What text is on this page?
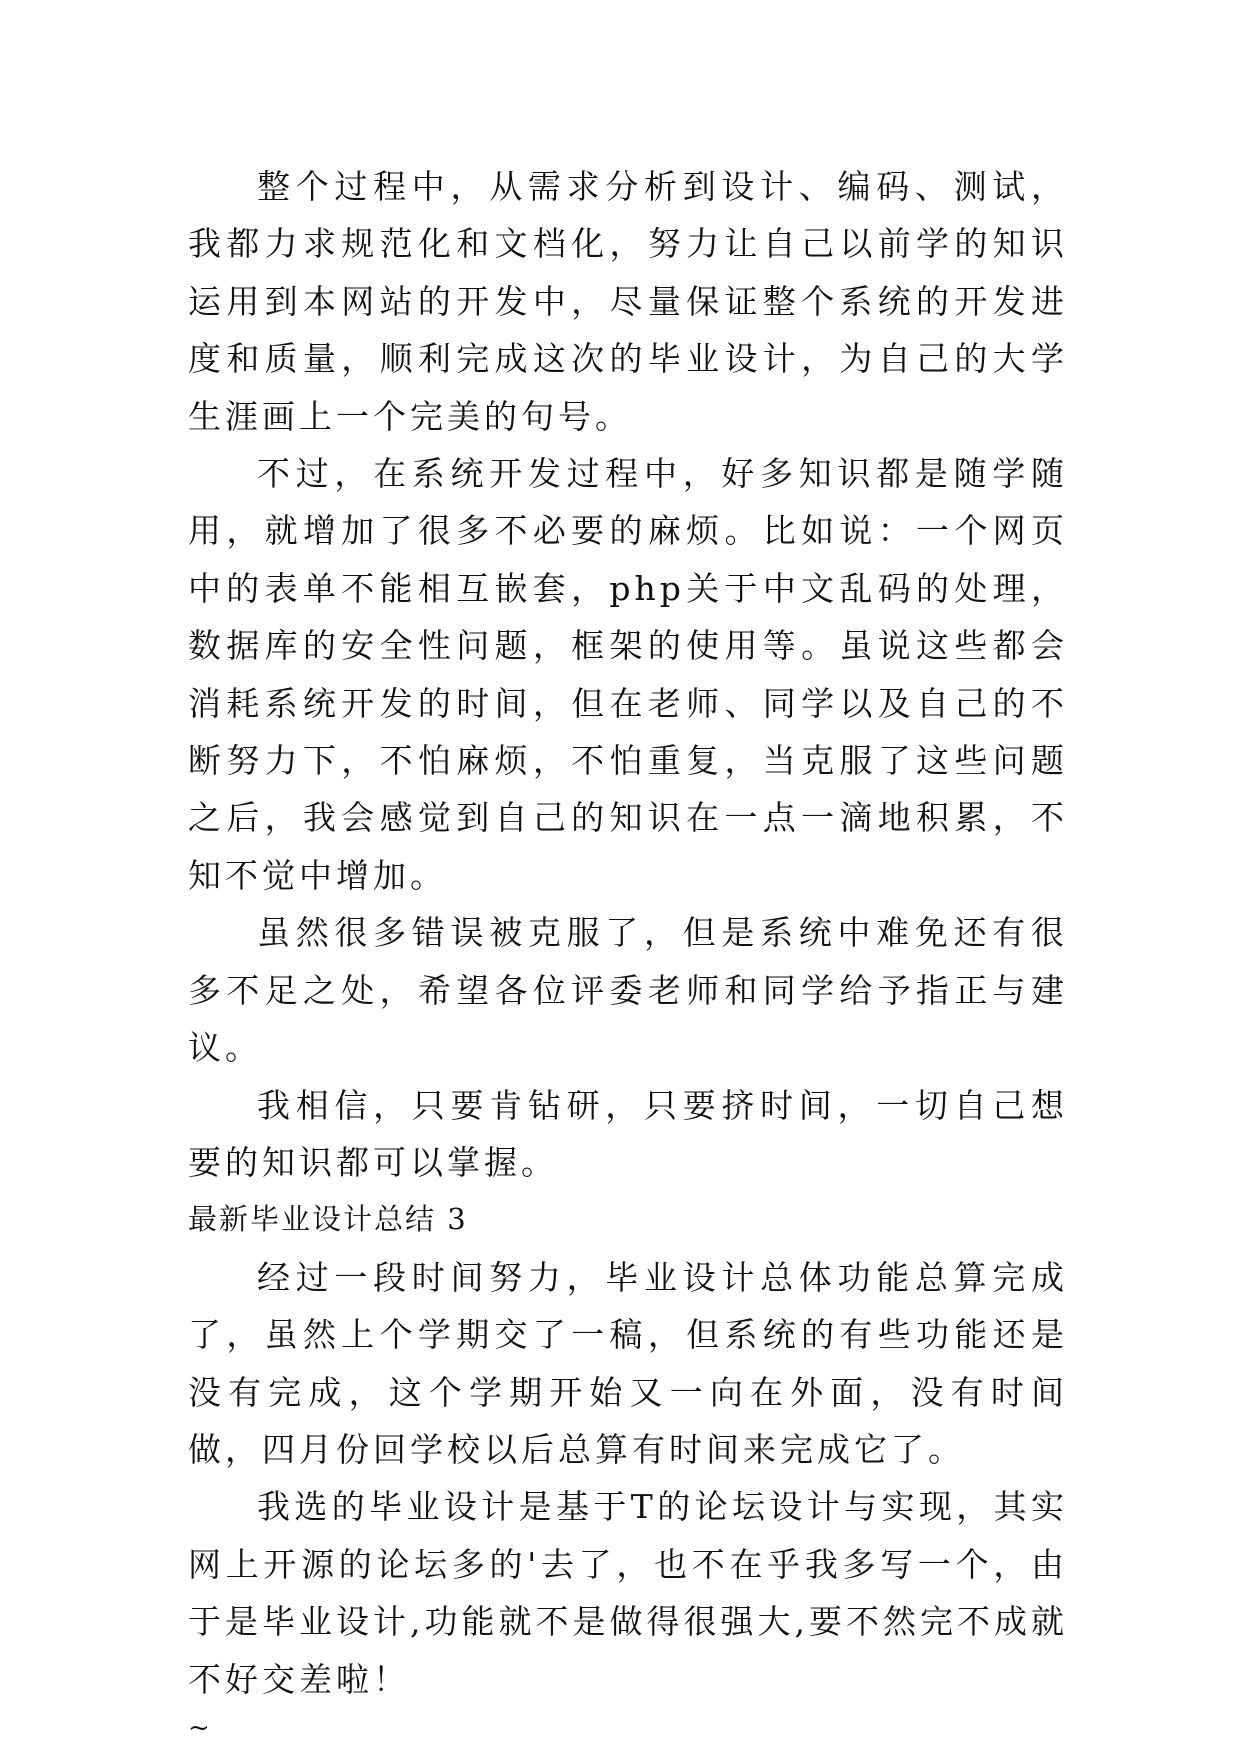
整个过程中，从需求分析到设计、编码、测试，我都力求规范化和文档化，努力让自己以前学的知识运用到本网站的开发中，尽量保证整个系统的开发进度和质量，顺利完成这次的毕业设计，为自己的大学生涯画上一个完美的句号。

不过，在系统开发过程中，好多知识都是随学随用，就增加了很多不必要的麻烦。比如说：一个网页中的表单不能相互嵌套，php关于中文乱码的处理，数据库的安全性问题，框架的使用等。虽说这些都会消耗系统开发的时间，但在老师、同学以及自己的不断努力下，不怕麻烦，不怕重复，当克服了这些问题之后，我会感觉到自己的知识在一点一滴地积累，不知不觉中增加。

虽然很多错误被克服了，但是系统中难免还有很多不足之处，希望各位评委老师和同学给予指正与建议。

我相信，只要肯钻研，只要挤时间，一切自己想要的知识都可以掌握。

最新毕业设计总结 3

经过一段时间努力，毕业设计总体功能总算完成了，虽然上个学期交了一稿，但系统的有些功能还是没有完成，这个学期开始又一向在外面，没有时间做，四月份回学校以后总算有时间来完成它了。

我选的毕业设计是基于T的论坛设计与实现，其实网上开源的论坛多的'去了，也不在乎我多写一个，由于是毕业设计,功能就不是做得很强大,要不然完不成就不好交差啦！

~
